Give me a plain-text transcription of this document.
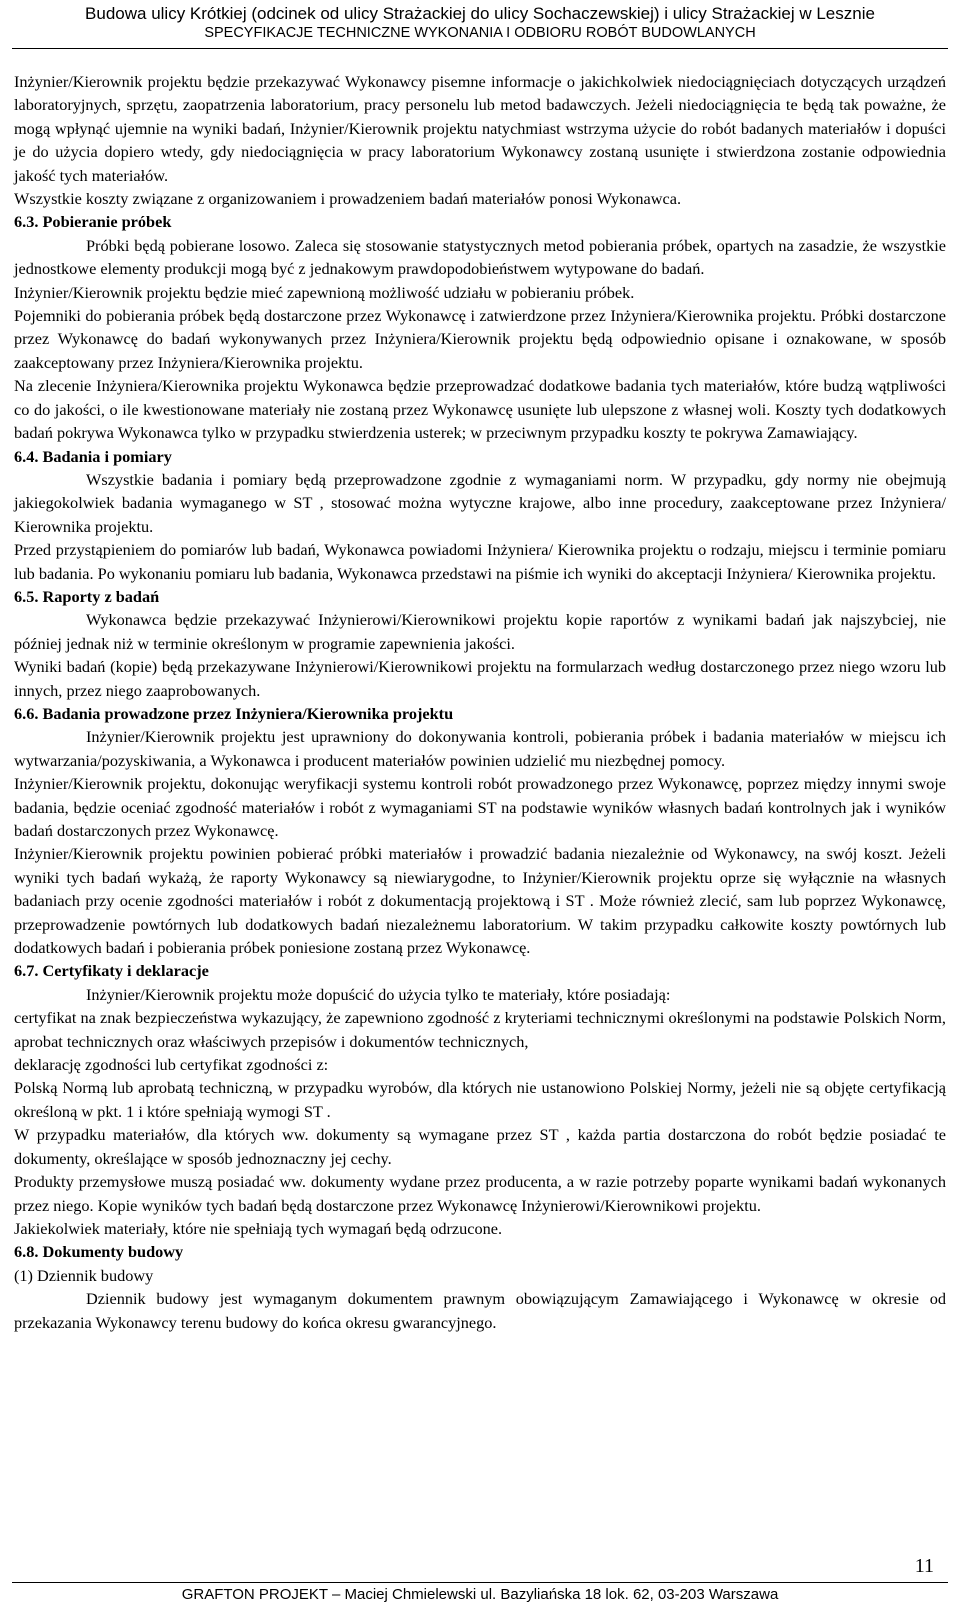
Budowa ulicy Krótkiej (odcinek od ulicy Strażackiej do ulicy Sochaczewskiej) i ulicy Strażackiej w Lesznie
SPECYFIKACJE TECHNICZNE WYKONANIA I ODBIORU ROBÓT BUDOWLANYCH

Inżynier/Kierownik projektu będzie przekazywać Wykonawcy pisemne informacje o jakichkolwiek niedociągnięciach dotyczących urządzeń laboratoryjnych, sprzętu, zaopatrzenia laboratorium, pracy personelu lub metod badawczych. Jeżeli niedociągnięcia te będą tak poważne, że mogą wpłynąć ujemnie na wyniki badań, Inżynier/Kierownik projektu natychmiast wstrzyma użycie do robót badanych materiałów i dopuści je do użycia dopiero wtedy, gdy niedociągnięcia w pracy laboratorium Wykonawcy zostaną usunięte i stwierdzona zostanie odpowiednia jakość tych materiałów.

Wszystkie koszty związane z organizowaniem i prowadzeniem badań materiałów ponosi Wykonawca.

6.3. Pobieranie próbek

Próbki będą pobierane losowo. Zaleca się stosowanie statystycznych metod pobierania próbek, opartych na zasadzie, że wszystkie jednostkowe elementy produkcji mogą być z jednakowym prawdopodobieństwem wytypowane do badań.

Inżynier/Kierownik projektu będzie mieć zapewnioną możliwość udziału w pobieraniu próbek.

Pojemniki do pobierania próbek będą dostarczone przez Wykonawcę i zatwierdzone przez Inżyniera/Kierownika projektu. Próbki dostarczone przez Wykonawcę do badań wykonywanych przez Inżyniera/Kierownik projektu będą odpowiednio opisane i oznakowane, w sposób zaakceptowany przez Inżyniera/Kierownika projektu.

Na zlecenie Inżyniera/Kierownika projektu Wykonawca będzie przeprowadzać dodatkowe badania tych materiałów, które budzą wątpliwości co do jakości, o ile kwestionowane materiały nie zostaną przez Wykonawcę usunięte lub ulepszone z własnej woli. Koszty tych dodatkowych badań pokrywa Wykonawca tylko w przypadku stwierdzenia usterek; w przeciwnym przypadku koszty te pokrywa Zamawiający.

6.4. Badania i pomiary

Wszystkie badania i pomiary będą przeprowadzone zgodnie z wymaganiami norm. W przypadku, gdy normy nie obejmują jakiegokolwiek badania wymaganego w ST , stosować można wytyczne krajowe, albo inne procedury, zaakceptowane przez Inżyniera/ Kierownika projektu.

Przed przystąpieniem do pomiarów lub badań, Wykonawca powiadomi Inżyniera/ Kierownika projektu o rodzaju, miejscu i terminie pomiaru lub badania. Po wykonaniu pomiaru lub badania, Wykonawca przedstawi na piśmie ich wyniki do akceptacji Inżyniera/ Kierownika projektu.

6.5. Raporty z badań

Wykonawca będzie przekazywać Inżynierowi/Kierownikowi projektu kopie raportów z wynikami badań jak najszybciej, nie później jednak niż w terminie określonym w programie zapewnienia jakości.

Wyniki badań (kopie) będą przekazywane Inżynierowi/Kierownikowi projektu na formularzach według dostarczonego przez niego wzoru lub innych, przez niego zaaprobowanych.

6.6. Badania prowadzone przez Inżyniera/Kierownika projektu

Inżynier/Kierownik projektu jest uprawniony do dokonywania kontroli, pobierania próbek i badania materiałów w miejscu ich wytwarzania/pozyskiwania, a Wykonawca i producent materiałów powinien udzielić mu niezbędnej pomocy.

Inżynier/Kierownik projektu, dokonując weryfikacji systemu kontroli robót prowadzonego przez Wykonawcę, poprzez między innymi swoje badania, będzie oceniać zgodność materiałów i robót z wymaganiami ST na podstawie wyników własnych badań kontrolnych jak i wyników badań dostarczonych przez Wykonawcę.

Inżynier/Kierownik projektu powinien pobierać próbki materiałów i prowadzić badania niezależnie od Wykonawcy, na swój koszt. Jeżeli wyniki tych badań wykażą, że raporty Wykonawcy są niewiarygodne, to Inżynier/Kierownik projektu oprze się wyłącznie na własnych badaniach przy ocenie zgodności materiałów i robót z dokumentacją projektową i ST . Może również zlecić, sam lub poprzez Wykonawcę, przeprowadzenie powtórnych lub dodatkowych badań niezależnemu laboratorium. W takim przypadku całkowite koszty powtórnych lub dodatkowych badań i pobierania próbek poniesione zostaną przez Wykonawcę.

6.7. Certyfikaty i deklaracje

Inżynier/Kierownik projektu może dopuścić do użycia tylko te materiały, które posiadają:

certyfikat na znak bezpieczeństwa wykazujący, że zapewniono zgodność z kryteriami technicznymi określonymi na podstawie Polskich Norm, aprobat technicznych oraz właściwych przepisów i dokumentów technicznych,

deklarację zgodności lub certyfikat zgodności z:

Polską Normą lub aprobatą techniczną, w przypadku wyrobów, dla których nie ustanowiono Polskiej Normy, jeżeli nie są objęte certyfikacją określoną w pkt. 1 i które spełniają wymogi ST .

W przypadku materiałów, dla których ww. dokumenty są wymagane przez ST , każda partia dostarczona do robót będzie posiadać te dokumenty, określające w sposób jednoznaczny jej cechy.

Produkty przemysłowe muszą posiadać ww. dokumenty wydane przez producenta, a w razie potrzeby poparte wynikami badań wykonanych przez niego. Kopie wyników tych badań będą dostarczone przez Wykonawcę Inżynierowi/Kierownikowi projektu.

Jakiekolwiek materiały, które nie spełniają tych wymagań będą odrzucone.

6.8. Dokumenty budowy

(1) Dziennik budowy

Dziennik budowy jest wymaganym dokumentem prawnym obowiązującym Zamawiającego i Wykonawcę w okresie od przekazania Wykonawcy terenu budowy do końca okresu gwarancyjnego.

11
GRAFTON PROJEKT – Maciej Chmielewski ul. Bazyliańska 18 lok. 62, 03-203 Warszawa
